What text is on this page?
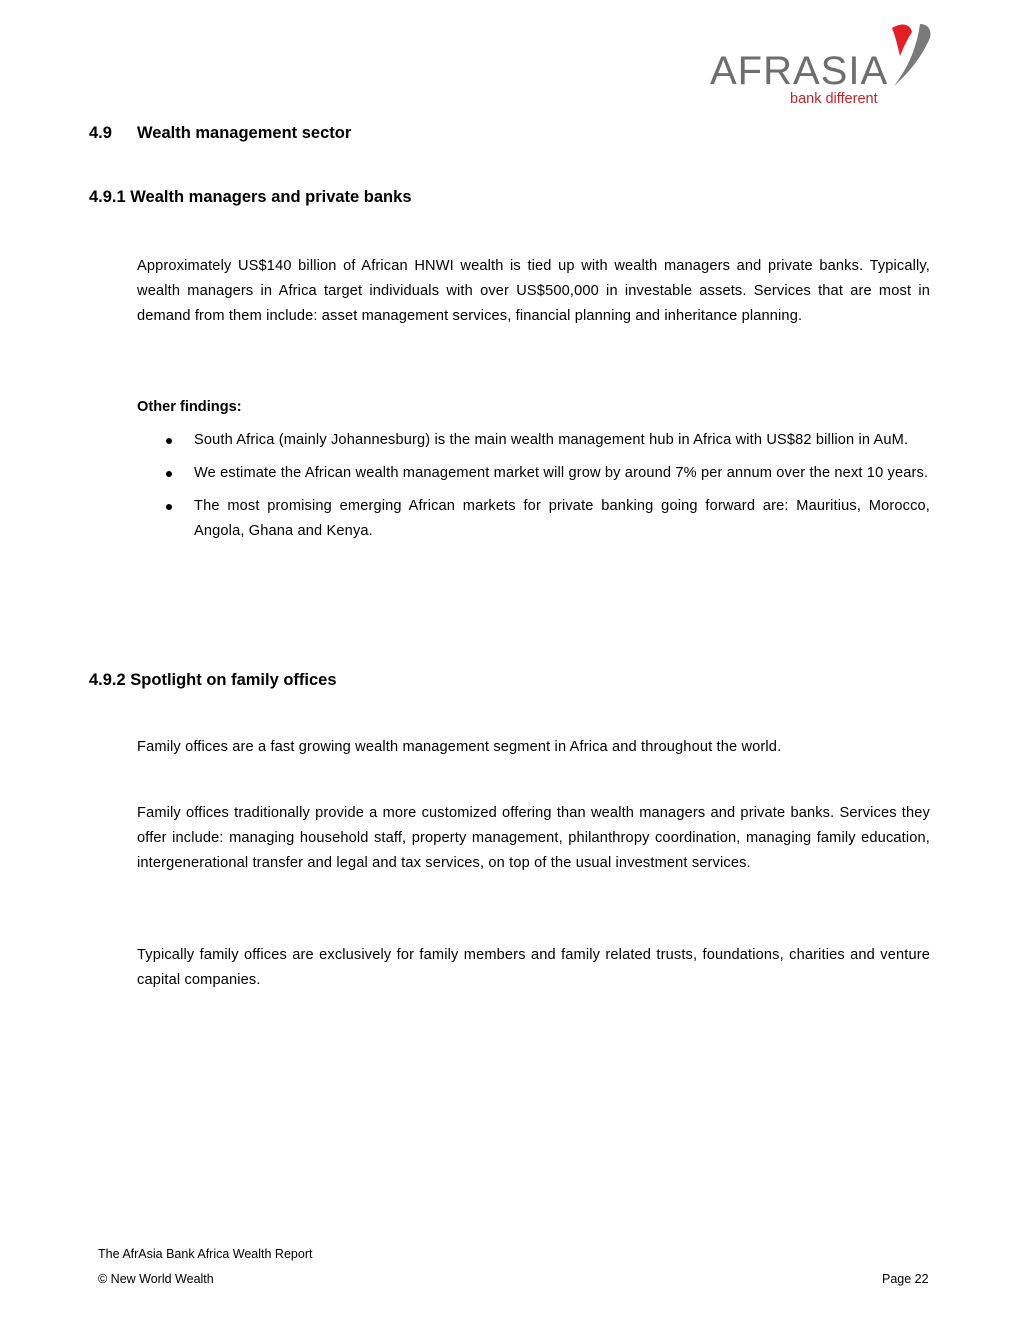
AFRASIA
bank different
4.9 Wealth management sector
4.9.1 Wealth managers and private banks

Approximately US$140 billion of African HNWI wealth is tied up with wealth managers and private banks. Typically, wealth managers in Africa target individuals with over US$500,000 in investable assets. Services that are most in demand from them include: asset management services, financial planning and inheritance planning.

Other findings:
South Africa (mainly Johannesburg) is the main wealth management hub in Africa with US$82 billion in AuM.
We estimate the African wealth management market will grow by around 7% per annum over the next 10 years.
The most promising emerging African markets for private banking going forward are: Mauritius, Morocco, Angola, Ghana and Kenya.
4.9.2 Spotlight on family offices

Family offices are a fast growing wealth management segment in Africa and throughout the world.

Family offices traditionally provide a more customized offering than wealth managers and private banks. Services they offer include: managing household staff, property management, philanthropy coordination, managing family education, intergenerational transfer and legal and tax services, on top of the usual investment services.

Typically family offices are exclusively for family members and family related trusts, foundations, charities and venture capital companies.

The AfrAsia Bank Africa Wealth Report
© New World Wealth	Page 22
